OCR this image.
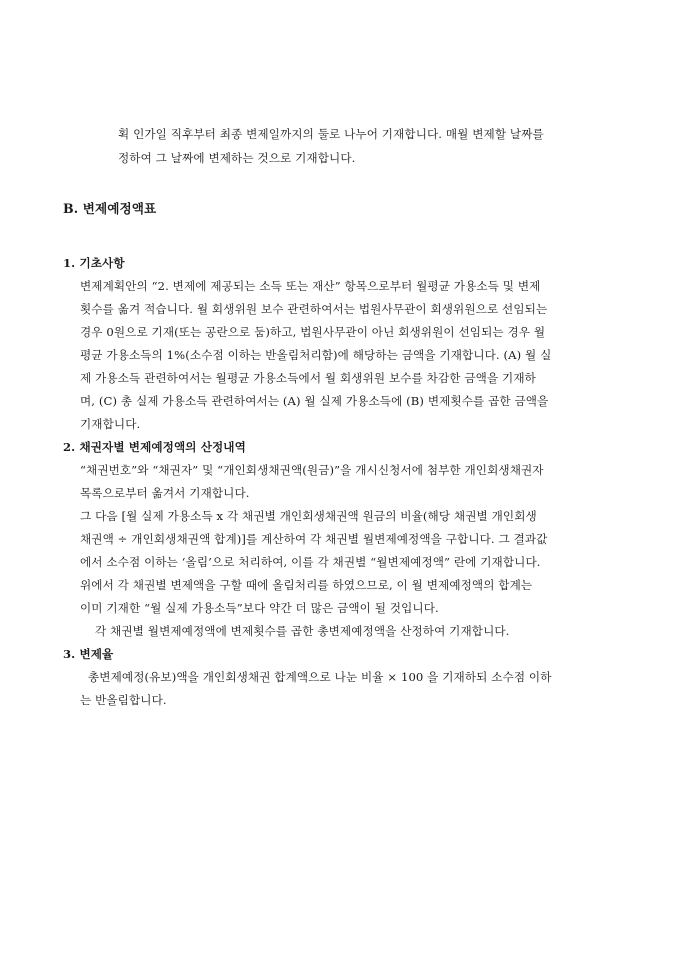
획 인가일 직후부터 최종 변제일까지의 둘로 나누어 기재합니다. 매월 변제할 날짜를
정하여 그 날짜에 변제하는 것으로 기재합니다.
B. 변제예정액표
1. 기초사항
변제계획안의 “2. 변제에 제공되는 소득 또는 재산” 항목으로부터 월평균 가용소득 및 변제
횟수를 옮겨 적습니다. 월 회생위원 보수 관련하여서는 법원사무관이 회생위원으로 선임되는
경우 0원으로 기재(또는 공란으로 둠)하고, 법원사무관이 아닌 회생위원이 선임되는 경우 월
평균 가용소득의 1%(소수점 이하는 반올림처리함)에 해당하는 금액을 기재합니다. (A) 월 실
제 가용소득 관련하여서는 월평균 가용소득에서 월 회생위원 보수를 차감한 금액을 기재하
며, (C) 총 실제 가용소득 관련하여서는 (A) 월 실제 가용소득에 (B) 변제횟수를 곱한 금액을
기재합니다.
2. 채권자별 변제예정액의 산정내역
“채권번호”와 “채권자” 및 “개인회생채권액(원금)”을 개시신청서에 첨부한 개인회생채권자
목록으로부터 옮겨서 기재합니다.
그 다음 [월 실제 가용소득 x 각 채권별 개인회생채권액 원금의 비율(해당 채권별 개인회생
채권액 ÷ 개인회생채권액 합계)]를 계산하여 각 채권별 월변제예정액을 구합니다. 그 결과값
에서 소수점 이하는 ‘올림’으로 처리하여, 이를 각 채권별 “월변제예정액” 란에 기재합니다.
위에서 각 채권별 변제액을 구할 때에 올림처리를 하였으므로, 이 월 변제예정액의 합계는
이미 기재한 “월 실제 가용소득”보다 약간 더 많은 금액이 될 것입니다.
각 채권별 월변제예정액에 변제횟수를 곱한 총변제예정액을 산정하여 기재합니다.
3. 변제율
총변제예정(유보)액을 개인회생채권 합계액으로 나눈 비율 × 100 을 기재하되 소수점 이하
는 반올림합니다.
